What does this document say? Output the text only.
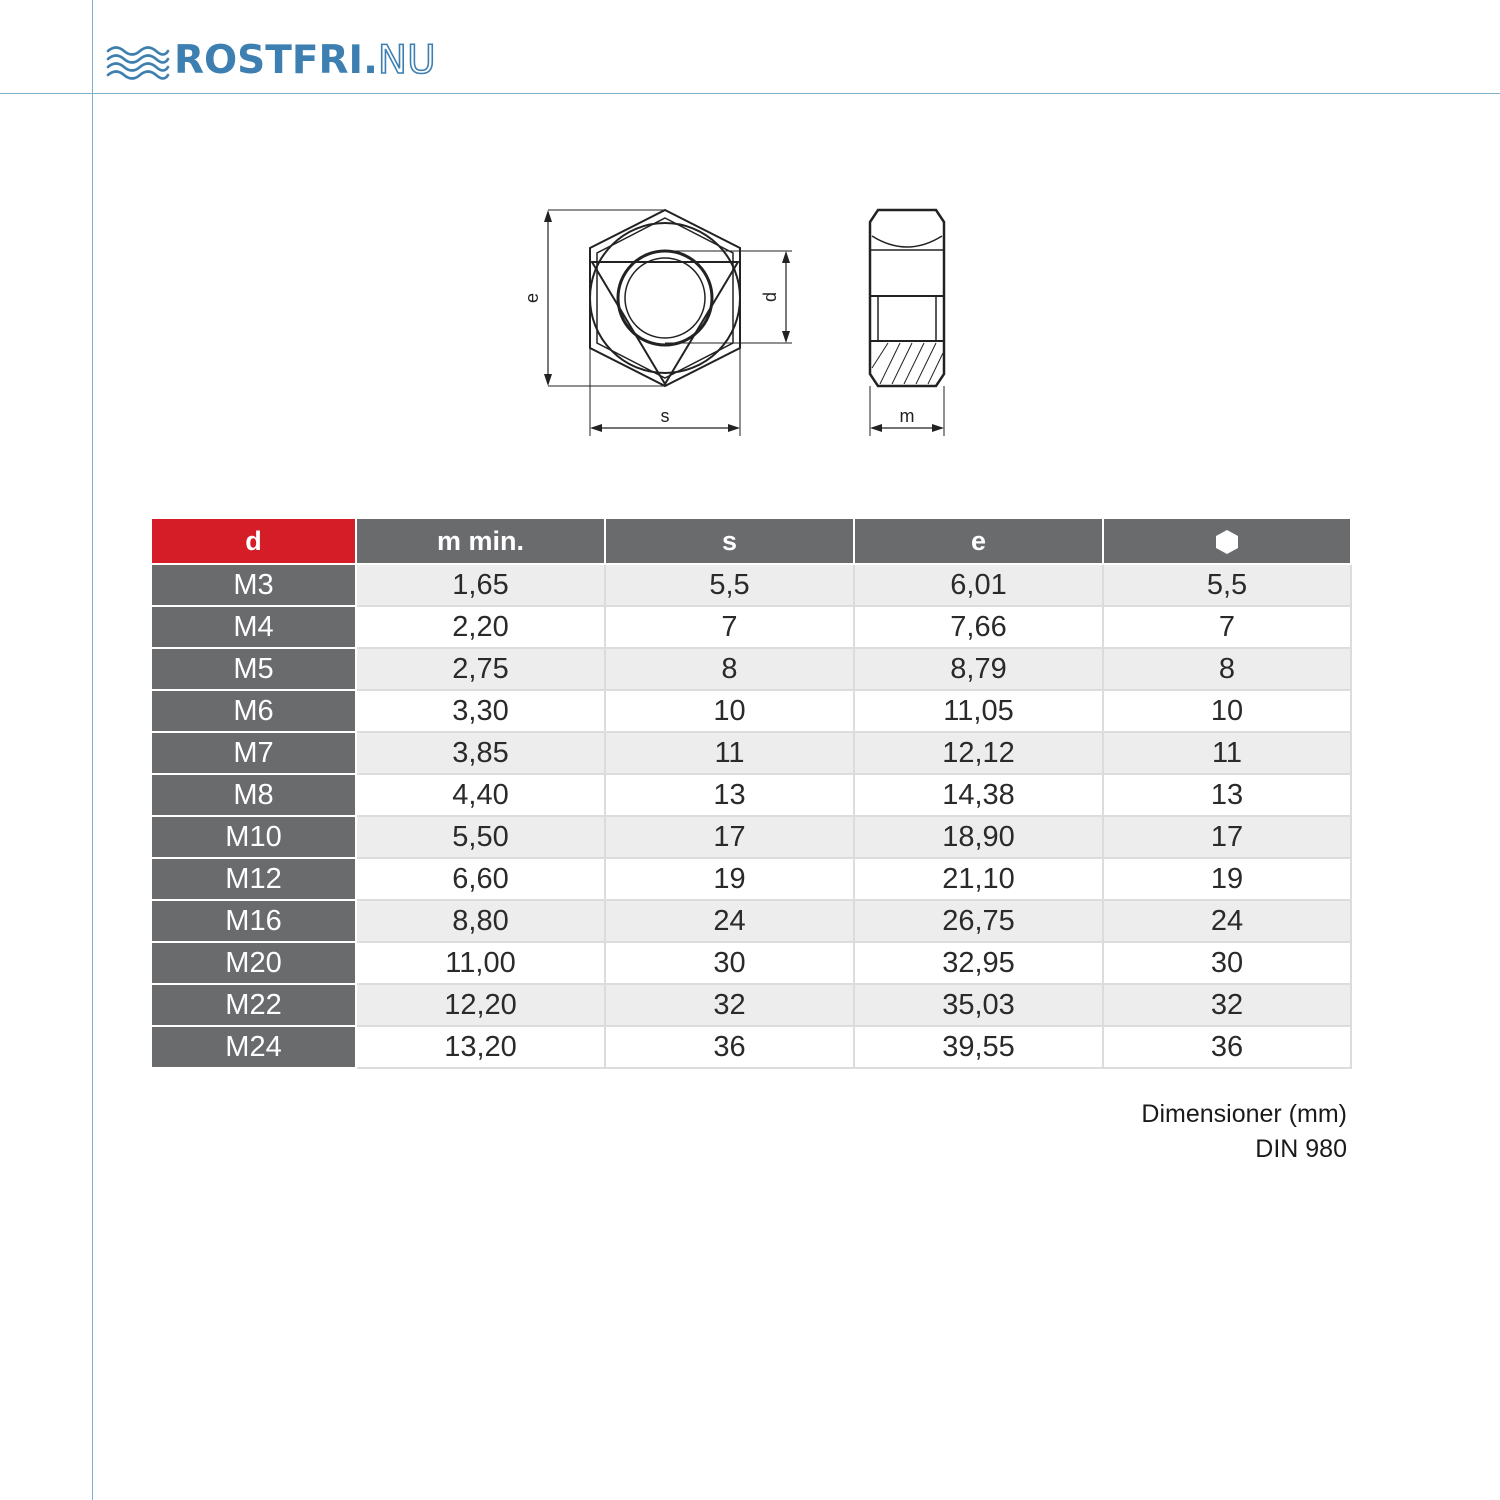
ROSTFRI.NU
e	d
s	m
d	m min.	s	e	
M3	1,65	5,5	6,01	5,5
M4	2,20	7	7,66	7
M5	2,75	8	8,79	8
M6	3,30	10	11,05	10
M7	3,85	11	12,12	11
M8	4,40	13	14,38	13
M10	5,50	17	18,90	17
M12	6,60	19	21,10	19
M16	8,80	24	26,75	24
M20	11,00	30	32,95	30
M22	12,20	32	35,03	32
M24	13,20	36	39,55	36
Dimensioner (mm)
DIN 980
